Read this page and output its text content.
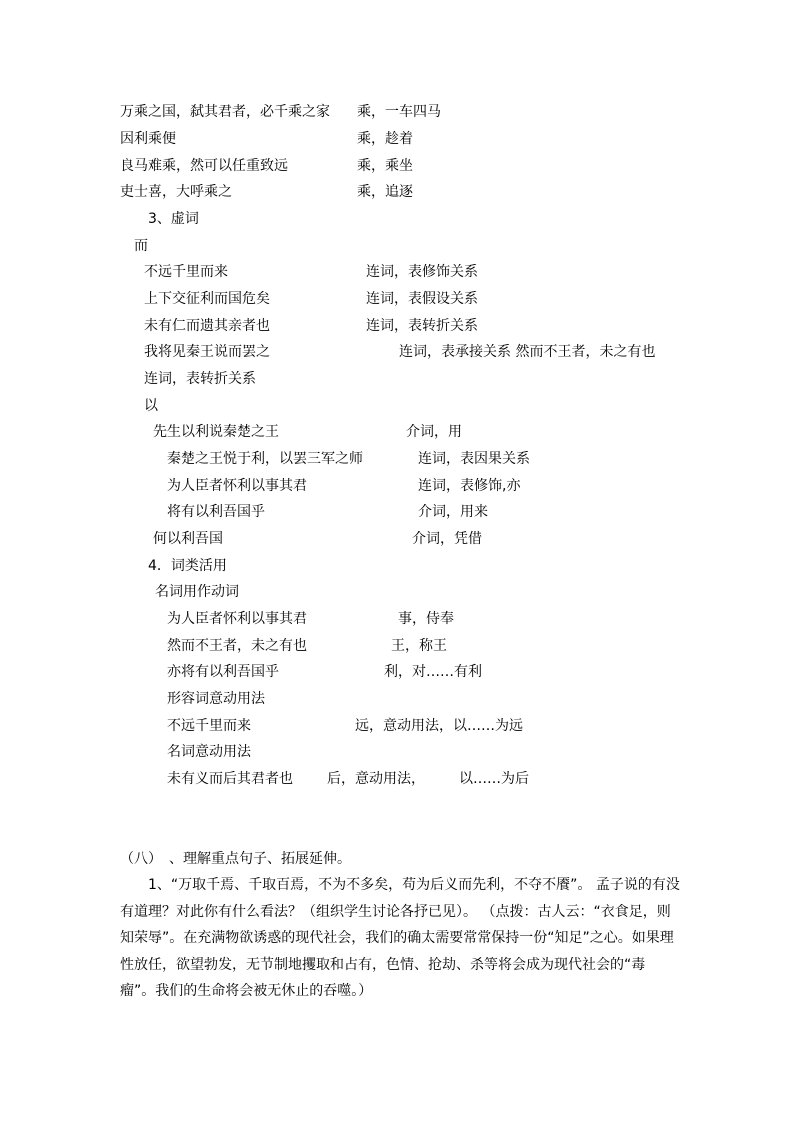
万乘之国，弑其君者，必千乘之家 乘，一车四马
因利乘便	乘，趁着
良马难乘，然可以任重致远	乘，乘坐
吏士喜，大呼乘之	乘，追逐
3、虚词
而
不远千里而来	连词，表修饰关系
上下交征利而国危矣	连词，表假设关系
未有仁而遗其亲者也	连词，表转折关系
我将见秦王说而罢之	连词，表承接关系 然而不王者，未之有也
连词，表转折关系
以
先生以利说秦楚之王	介词，用
秦楚之王悦于利，以罢三军之师	连词，表因果关系
为人臣者怀利以事其君	连词，表修饰,亦
将有以利吾国乎	介词，用来
何以利吾国	介词，凭借
4．词类活用
名词用作动词
为人臣者怀利以事其君	事，侍奉
然而不王者，未之有也	王，称王
亦将有以利吾国乎	利，对……有利
形容词意动用法
不远千里而来	远，意动用法，以……为远
名词意动用法
未有义而后其君者也 后，意动用法， 以……为后
（八）　、理解重点句子、拓展延伸。

1、“万取千焉、千取百焉，不为不多矣，苟为后义而先利，不夺不餍”。 孟子说的有没有道理？对此你有什么看法？（组织学生讨论各抒已见）。 （点拨：古人云：“衣食足，则知荣辱”。在充满物欲诱惑的现代社会，我们的确太需要常常保持一份“知足”之心。如果理性放任，欲望勃发，无节制地攫取和占有，色情、抢劫、杀等将会成为现代社会的“毒瘤”。我们的生命将会被无休止的吞噬。）
